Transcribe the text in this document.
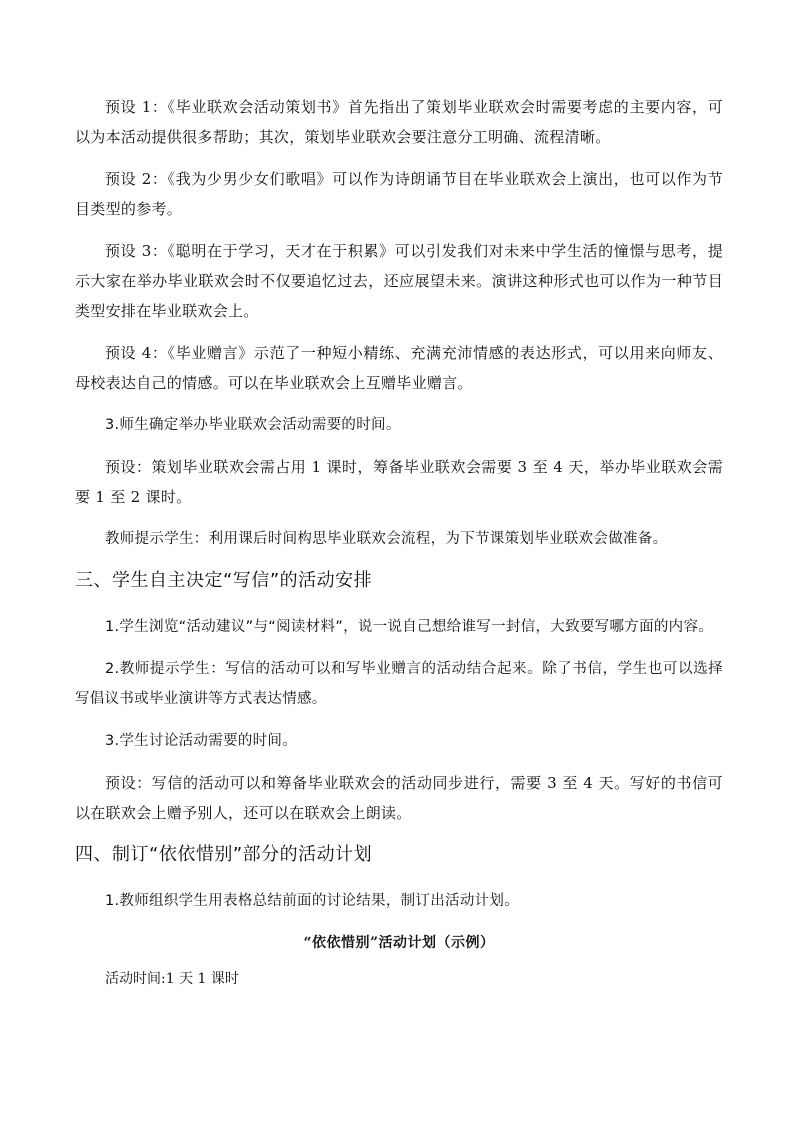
预设 1：《毕业联欢会活动策划书》首先指出了策划毕业联欢会时需要考虑的主要内容，可以为本活动提供很多帮助；其次，策划毕业联欢会要注意分工明确、流程清晰。

预设 2：《我为少男少女们歌唱》可以作为诗朗诵节目在毕业联欢会上演出，也可以作为节目类型的参考。

预设 3：《聪明在于学习，天才在于积累》可以引发我们对未来中学生活的憧憬与思考，提示大家在举办毕业联欢会时不仅要追忆过去，还应展望未来。演讲这种形式也可以作为一种节目类型安排在毕业联欢会上。

预设 4：《毕业赠言》示范了一种短小精练、充满充沛情感的表达形式，可以用来向师友、母校表达自己的情感。可以在毕业联欢会上互赠毕业赠言。

3.师生确定举办毕业联欢会活动需要的时间。

预设：策划毕业联欢会需占用 1 课时，筹备毕业联欢会需要 3 至 4 天，举办毕业联欢会需要 1 至 2 课时。

教师提示学生：利用课后时间构思毕业联欢会流程，为下节课策划毕业联欢会做准备。

三、学生自主决定“写信”的活动安排

1.学生浏览“活动建议”与“阅读材料”，说一说自己想给谁写一封信，大致要写哪方面的内容。

2.教师提示学生：写信的活动可以和写毕业赠言的活动结合起来。除了书信，学生也可以选择写倡议书或毕业演讲等方式表达情感。

3.学生讨论活动需要的时间。

预设：写信的活动可以和筹备毕业联欢会的活动同步进行，需要 3 至 4 天。写好的书信可以在联欢会上赠予别人，还可以在联欢会上朗读。

四、制订“依依惜别”部分的活动计划

1.教师组织学生用表格总结前面的讨论结果，制订出活动计划。

“依依惜别”活动计划（示例）

活动时间:1 天 1 课时
